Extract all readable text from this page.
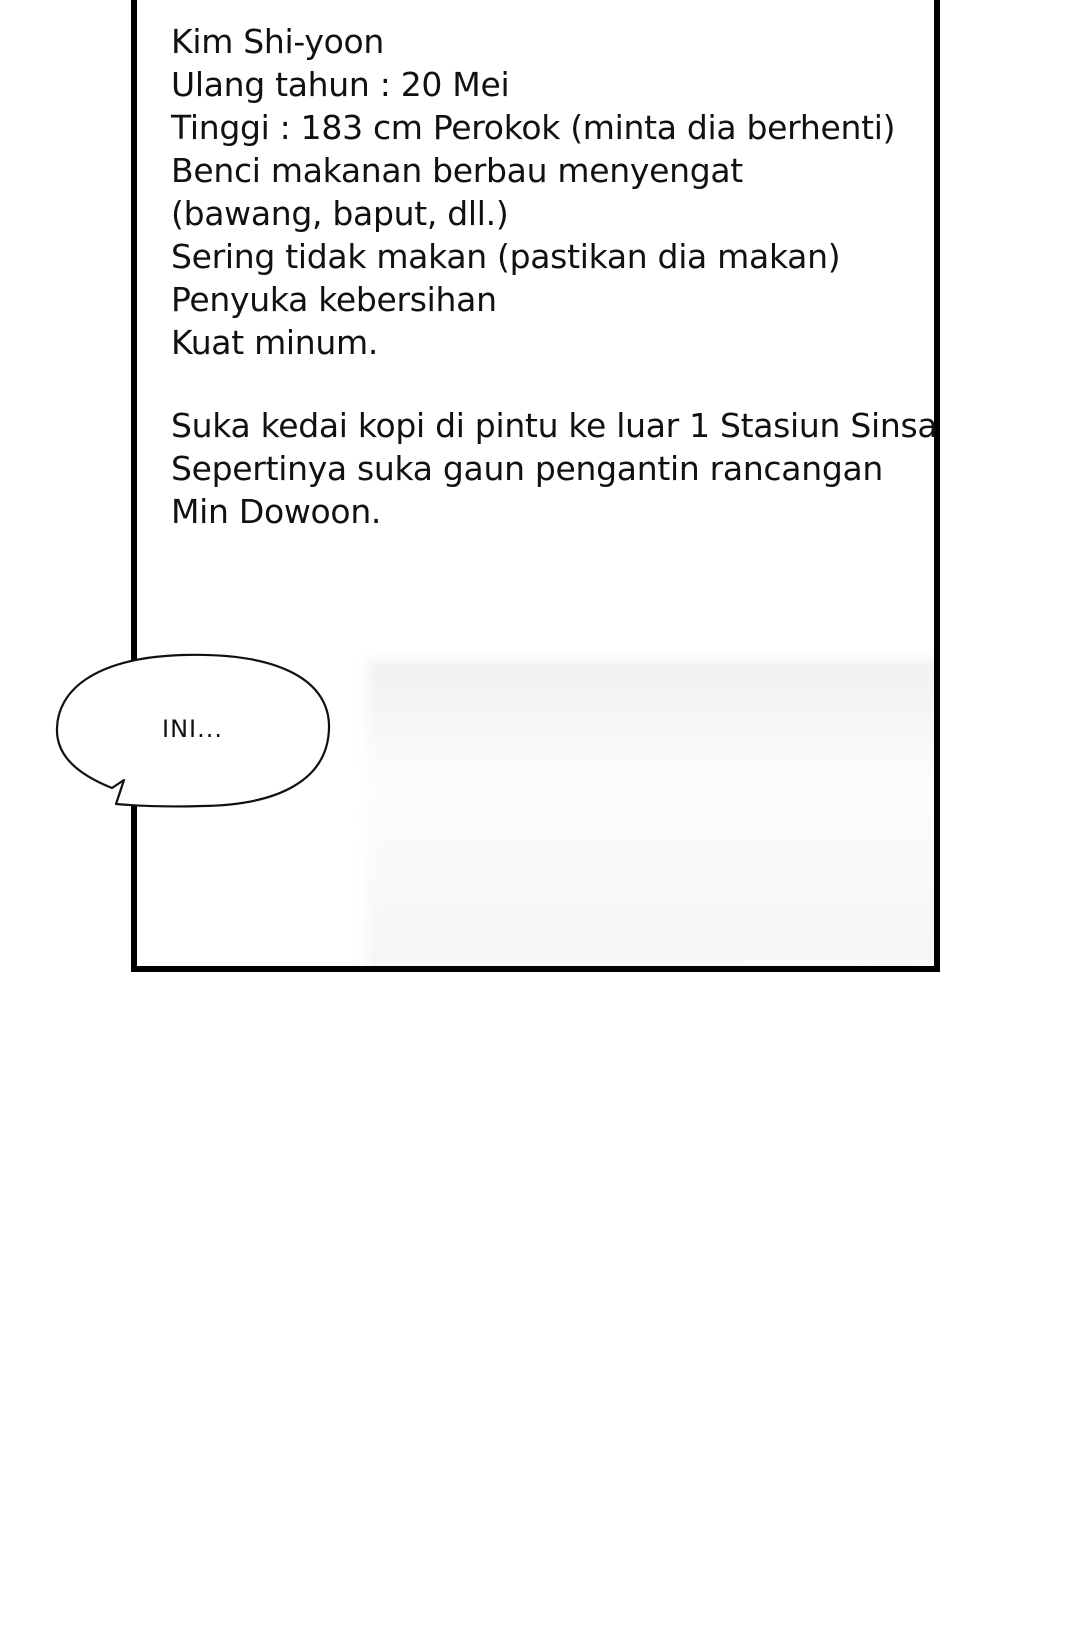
Kim Shi-yoon
Ulang tahun : 20 Mei
Tinggi : 183 cm Perokok (minta dia berhenti)
Benci makanan berbau menyengat
(bawang, baput, dll.)
Sering tidak makan (pastikan dia makan)
Penyuka kebersihan
Kuat minum.
Suka kedai kopi di pintu ke luar 1 Stasiun Sinsa
Sepertinya suka gaun pengantin rancangan
Min Dowoon.
INI...
